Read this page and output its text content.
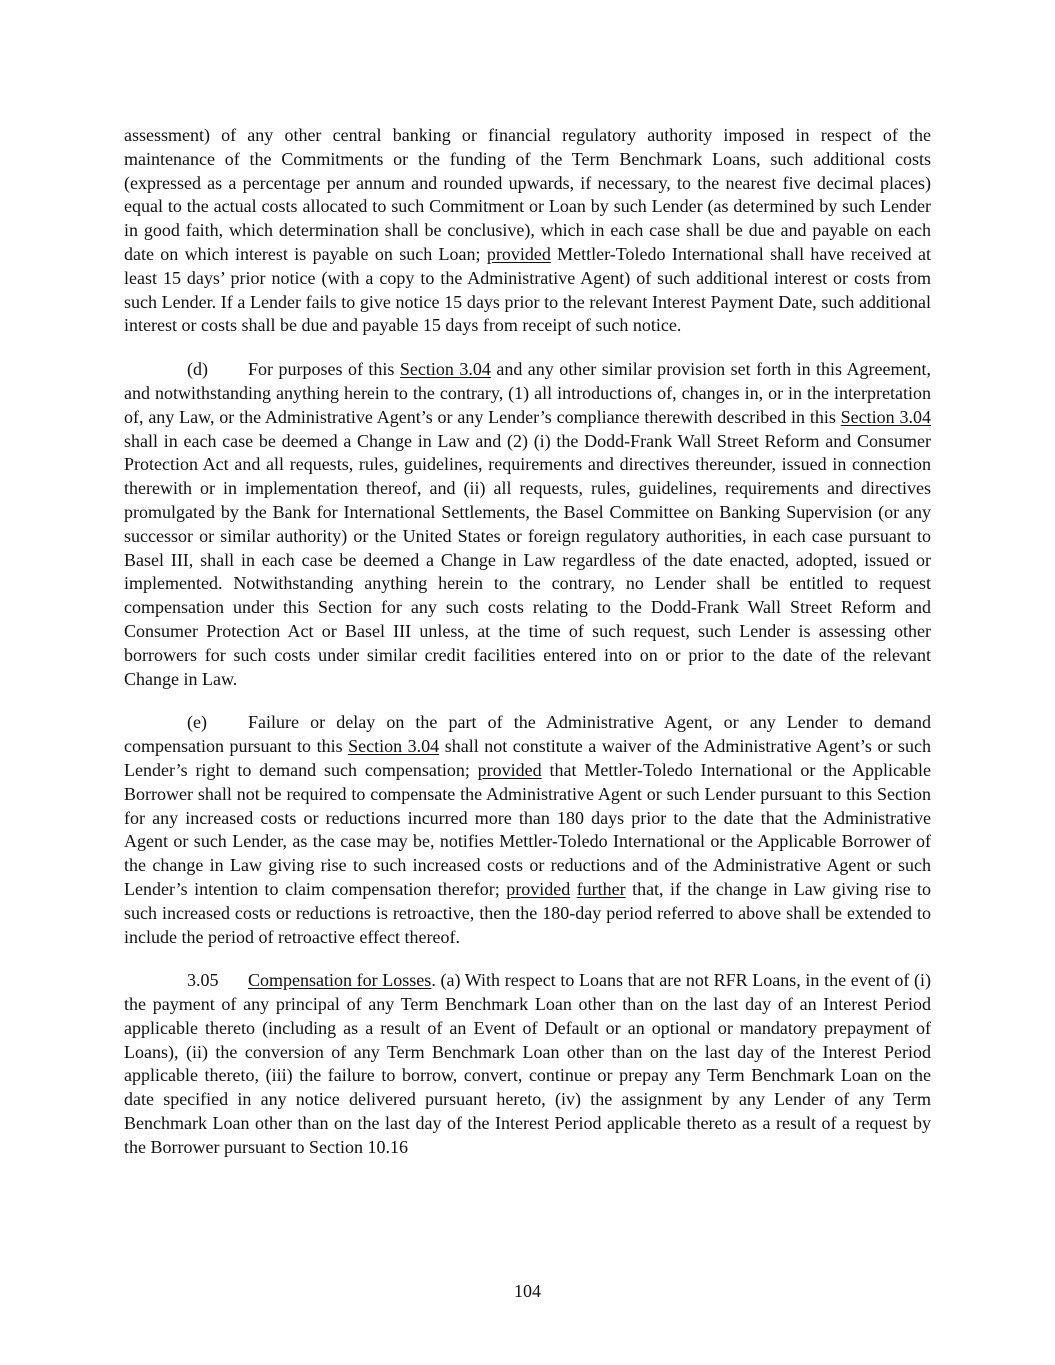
assessment) of any other central banking or financial regulatory authority imposed in respect of the maintenance of the Commitments or the funding of the Term Benchmark Loans, such additional costs (expressed as a percentage per annum and rounded upwards, if necessary, to the nearest five decimal places) equal to the actual costs allocated to such Commitment or Loan by such Lender (as determined by such Lender in good faith, which determination shall be conclusive), which in each case shall be due and payable on each date on which interest is payable on such Loan; provided Mettler-Toledo International shall have received at least 15 days’ prior notice (with a copy to the Administrative Agent) of such additional interest or costs from such Lender. If a Lender fails to give notice 15 days prior to the relevant Interest Payment Date, such additional interest or costs shall be due and payable 15 days from receipt of such notice.

(d) For purposes of this Section 3.04 and any other similar provision set forth in this Agreement, and notwithstanding anything herein to the contrary, (1) all introductions of, changes in, or in the interpretation of, any Law, or the Administrative Agent’s or any Lender’s compliance therewith described in this Section 3.04 shall in each case be deemed a Change in Law and (2) (i) the Dodd-Frank Wall Street Reform and Consumer Protection Act and all requests, rules, guidelines, requirements and directives thereunder, issued in connection therewith or in implementation thereof, and (ii) all requests, rules, guidelines, requirements and directives promulgated by the Bank for International Settlements, the Basel Committee on Banking Supervision (or any successor or similar authority) or the United States or foreign regulatory authorities, in each case pursuant to Basel III, shall in each case be deemed a Change in Law regardless of the date enacted, adopted, issued or implemented. Notwithstanding anything herein to the contrary, no Lender shall be entitled to request compensation under this Section for any such costs relating to the Dodd-Frank Wall Street Reform and Consumer Protection Act or Basel III unless, at the time of such request, such Lender is assessing other borrowers for such costs under similar credit facilities entered into on or prior to the date of the relevant Change in Law.

(e) Failure or delay on the part of the Administrative Agent, or any Lender to demand compensation pursuant to this Section 3.04 shall not constitute a waiver of the Administrative Agent’s or such Lender’s right to demand such compensation; provided that Mettler-Toledo International or the Applicable Borrower shall not be required to compensate the Administrative Agent or such Lender pursuant to this Section for any increased costs or reductions incurred more than 180 days prior to the date that the Administrative Agent or such Lender, as the case may be, notifies Mettler-Toledo International or the Applicable Borrower of the change in Law giving rise to such increased costs or reductions and of the Administrative Agent or such Lender’s intention to claim compensation therefor; provided further that, if the change in Law giving rise to such increased costs or reductions is retroactive, then the 180-day period referred to above shall be extended to include the period of retroactive effect thereof.

3.05 Compensation for Losses. (a) With respect to Loans that are not RFR Loans, in the event of (i) the payment of any principal of any Term Benchmark Loan other than on the last day of an Interest Period applicable thereto (including as a result of an Event of Default or an optional or mandatory prepayment of Loans), (ii) the conversion of any Term Benchmark Loan other than on the last day of the Interest Period applicable thereto, (iii) the failure to borrow, convert, continue or prepay any Term Benchmark Loan on the date specified in any notice delivered pursuant hereto, (iv) the assignment by any Lender of any Term Benchmark Loan other than on the last day of the Interest Period applicable thereto as a result of a request by the Borrower pursuant to Section 10.16

104
